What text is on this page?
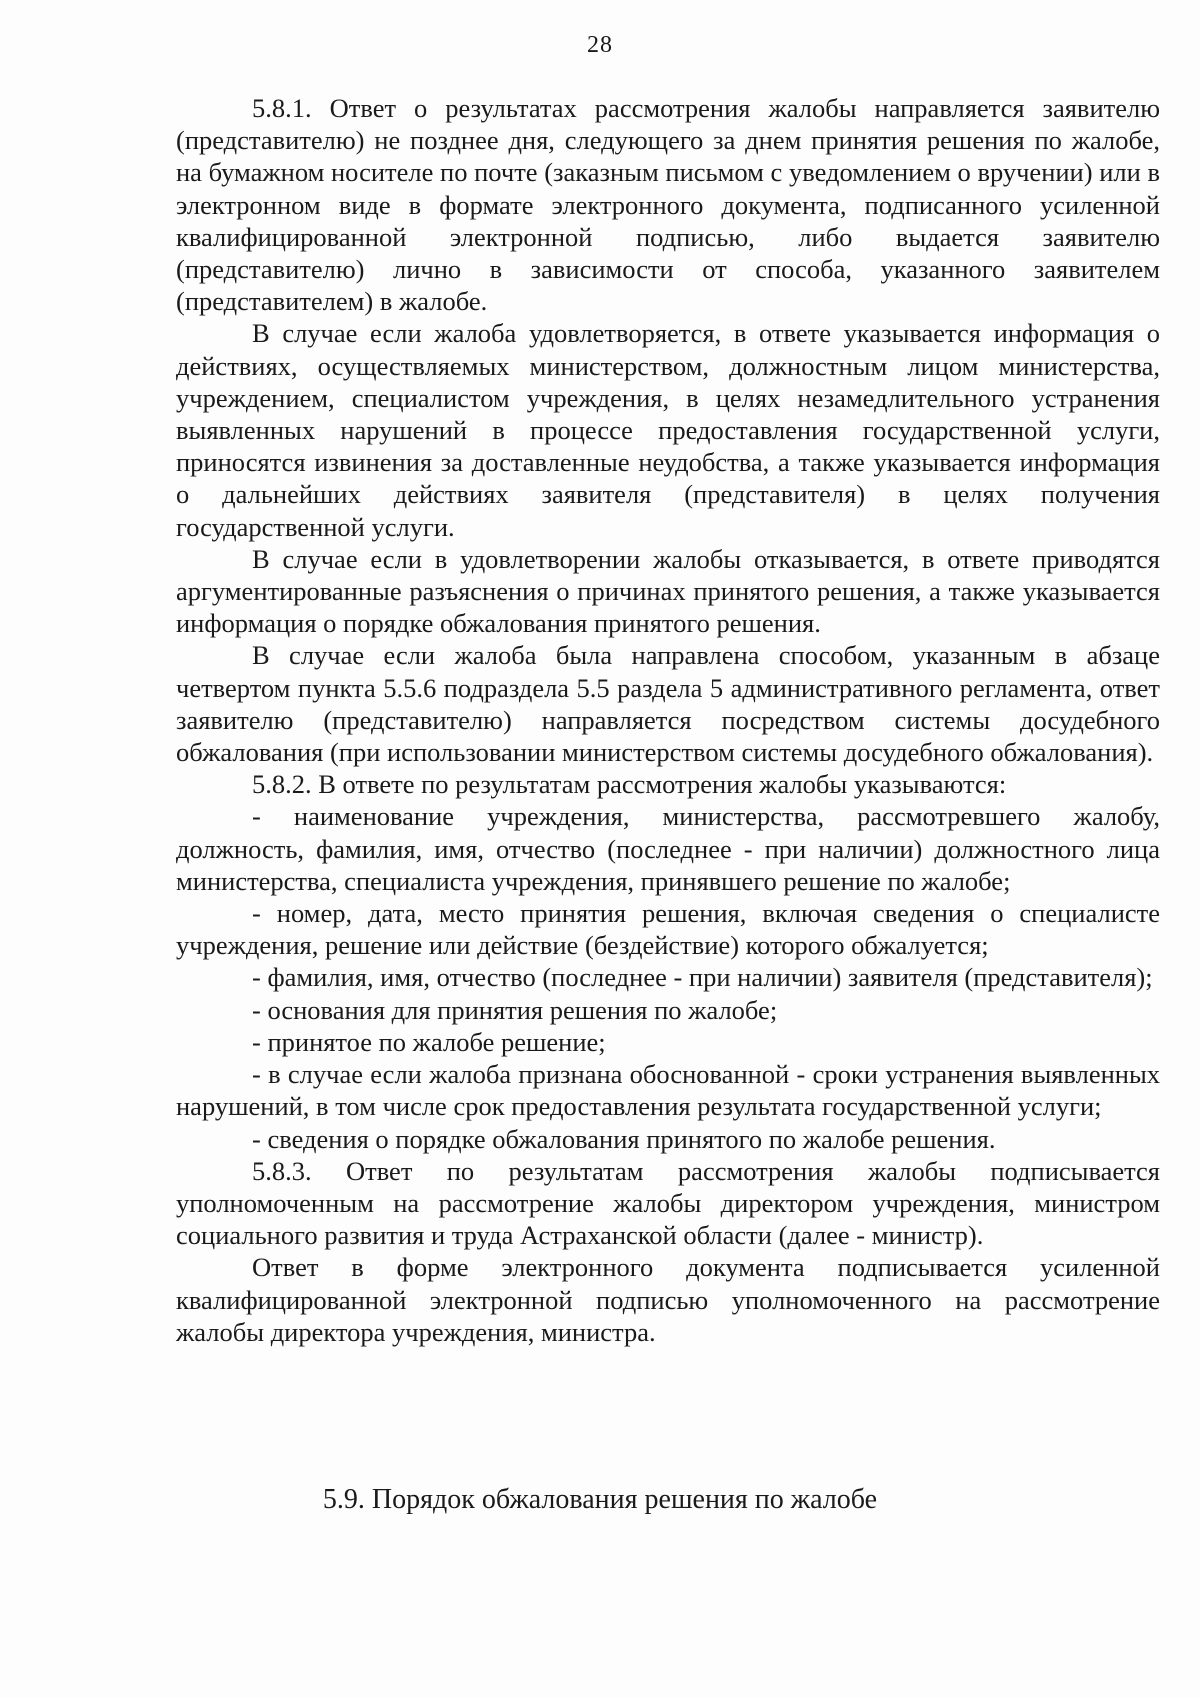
28

5.8.1. Ответ о результатах рассмотрения жалобы направляется заявителю (представителю) не позднее дня, следующего за днем принятия решения по жалобе, на бумажном носителе по почте (заказным письмом с уведомлением о вручении) или в электронном виде в формате электронного документа, подписанного усиленной квалифицированной электронной подписью, либо выдается заявителю (представителю) лично в зависимости от способа, указанного заявителем (представителем) в жалобе.

В случае если жалоба удовлетворяется, в ответе указывается информация о действиях, осуществляемых министерством, должностным лицом министерства, учреждением, специалистом учреждения, в целях незамедлительного устранения выявленных нарушений в процессе предоставления государственной услуги, приносятся извинения за доставленные неудобства, а также указывается информация о дальнейших действиях заявителя (представителя) в целях получения государственной услуги.

В случае если в удовлетворении жалобы отказывается, в ответе приводятся аргументированные разъяснения о причинах принятого решения, а также указывается информация о порядке обжалования принятого решения.

В случае если жалоба была направлена способом, указанным в абзаце четвертом пункта 5.5.6 подраздела 5.5 раздела 5 административного регламента, ответ заявителю (представителю) направляется посредством системы досудебного обжалования (при использовании министерством системы досудебного обжалования).

5.8.2. В ответе по результатам рассмотрения жалобы указываются:

- наименование учреждения, министерства, рассмотревшего жалобу, должность, фамилия, имя, отчество (последнее - при наличии) должностного лица министерства, специалиста учреждения, принявшего решение по жалобе;

- номер, дата, место принятия решения, включая сведения о специалисте учреждения, решение или действие (бездействие) которого обжалуется;

- фамилия, имя, отчество (последнее - при наличии) заявителя (представителя);

- основания для принятия решения по жалобе;

- принятое по жалобе решение;

- в случае если жалоба признана обоснованной - сроки устранения выявленных нарушений, в том числе срок предоставления результата государственной услуги;

- сведения о порядке обжалования принятого по жалобе решения.

5.8.3. Ответ по результатам рассмотрения жалобы подписывается уполномоченным на рассмотрение жалобы директором учреждения, министром социального развития и труда Астраханской области (далее - министр).

Ответ в форме электронного документа подписывается усиленной квалифицированной электронной подписью уполномоченного на рассмотрение жалобы директора учреждения, министра.

5.9. Порядок обжалования решения по жалобе
